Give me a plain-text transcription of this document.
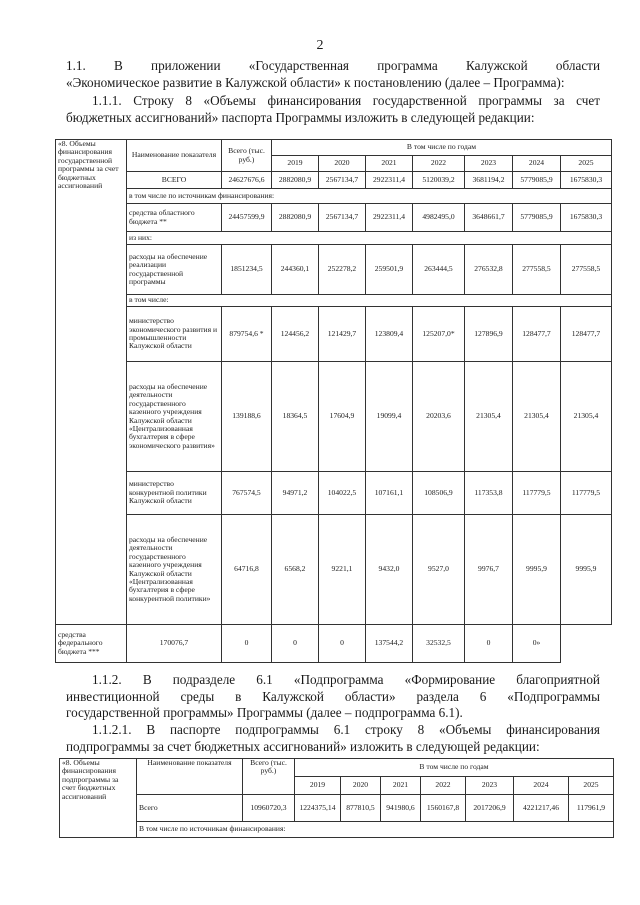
2
1.1. В приложении «Государственная программа Калужской области
«Экономическое развитие в Калужской области» к постановлению (далее – Программа):
1.1.1. Строку 8 «Объемы финансирования государственной программы за счет
бюджетных ассигнований» паспорта Программы изложить в следующей редакции:
«8. Объемы финансирования государственной программы за счет бюджетных ассигнований	Наименование показателя	Всего (тыс. руб.)	В том числе по годам						
			2019	2020	2021	2022	2023	2024	2025
	ВСЕГО	24627676,6	2882080,9	2567134,7	2922311,4	5120039,2	3681194,2	5779085,9	1675830,3
	в том числе по источникам финансирования:								
	средства областного бюджета **	24457599,9	2882080,9	2567134,7	2922311,4	4982495,0	3648661,7	5779085,9	1675830,3
	из них:								
	расходы на обеспечение реализации государственной программы	1851234,5	244360,1	252278,2	259501,9	263444,5	276532,8	277558,5	277558,5
	в том числе:								
	министерство экономического развития и промышленности Калужской области	879754,6 *	124456,2	121429,7	123809,4	125207,0*	127896,9	128477,7	128477,7
	расходы на обеспечение деятельности государственного казенного учреждения Калужской области «Централизованная бухгалтерия в сфере экономического развития»	139188,6	18364,5	17604,9	19099,4	20203,6	21305,4	21305,4	21305,4
	министерство конкурентной политики Калужской области	767574,5	94971,2	104022,5	107161,1	108506,9	117353,8	117779,5	117779,5
	расходы на обеспечение деятельности государственного казенного учреждения Калужской области «Централизованная бухгалтерия в сфере конкурентной политики»	64716,8	6568,2	9221,1	9432,0	9527,0	9976,7	9995,9	9995,9
средства федерального бюджета ***	170076,7	0	0	0	137544,2	32532,5	0	0»	
1.1.2. В подразделе 6.1 «Подпрограмма «Формирование благоприятной
инвестиционной среды в Калужской области» раздела 6 «Подпрограммы
государственной программы» Программы (далее – подпрограмма 6.1).
1.1.2.1. В паспорте подпрограммы 6.1 строку 8 «Объемы финансирования
подпрограммы за счет бюджетных ассигнований» изложить в следующей редакции:
«8. Объемы финансирования подпрограммы за счет бюджетных ассигнований	Наименование показателя	Всего (тыс. руб.)	В том числе по годам						
			2019	2020	2021	2022	2023	2024	2025
	Всего	10960720,3	1224375,14	877810,5	941980,6	1560167,8	2017206,9	4221217,46	117961,9
	В том числе по источникам финансирования:								
